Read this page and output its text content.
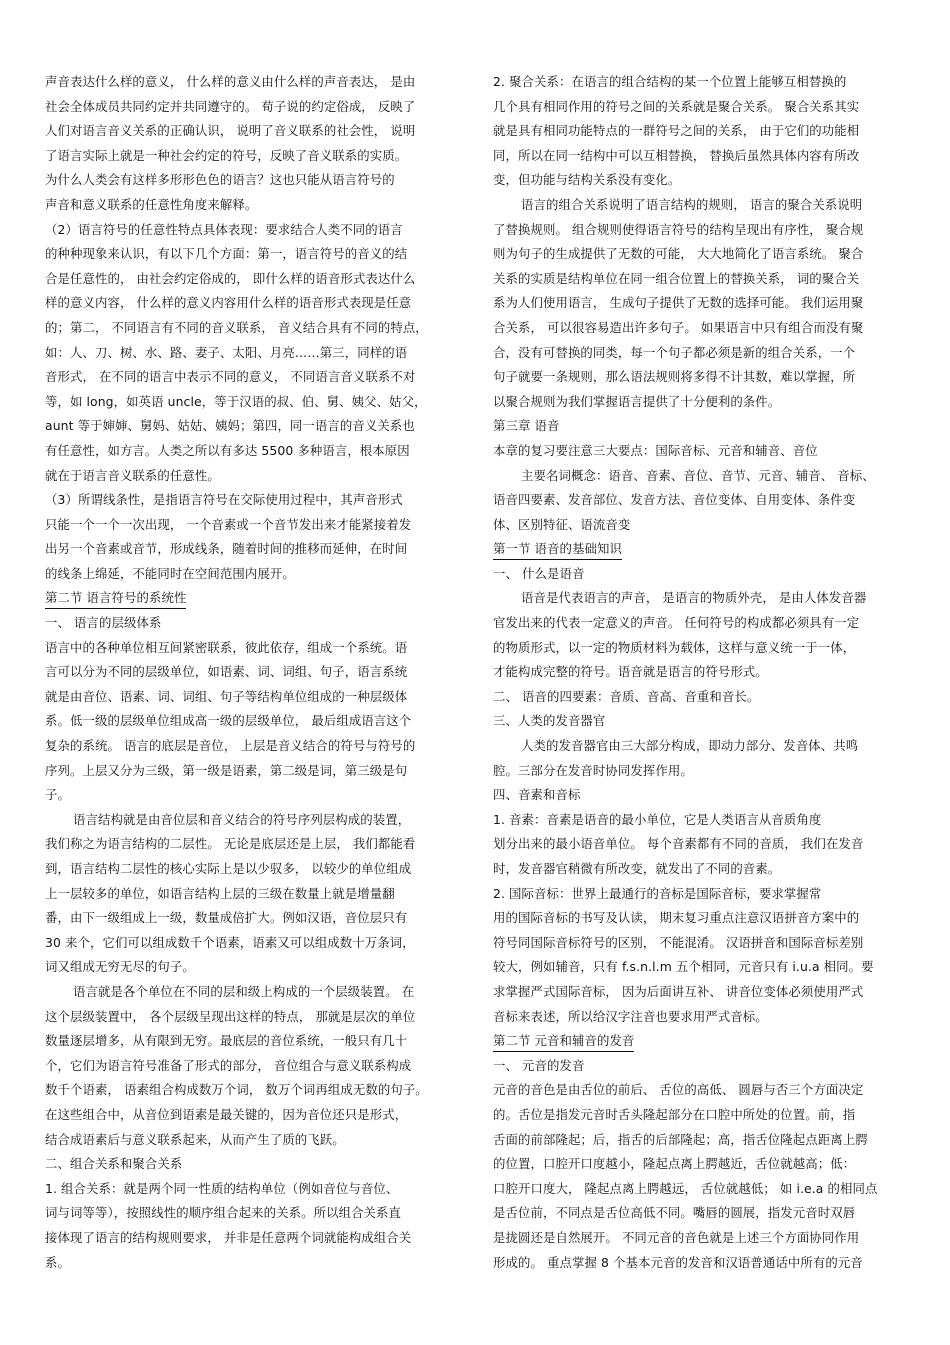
声音表达什么样的意义， 什么样的意义由什么样的声音表达， 是由
社会全体成员共同约定并共同遵守的。 荀子说的约定俗成， 反映了
人们对语言音义关系的正确认识， 说明了音义联系的社会性， 说明
了语言实际上就是一种社会约定的符号，反映了音义联系的实质。
为什么人类会有这样多形形色色的语言？这也只能从语言符号的
声音和意义联系的任意性角度来解释。
（2）语言符号的任意性特点具体表现：要求结合人类不同的语言
的种种现象来认识，有以下几个方面：第一，语言符号的音义的结
合是任意性的， 由社会约定俗成的， 即什么样的语音形式表达什么
样的意义内容， 什么样的意义内容用什么样的语音形式表现是任意
的；第二， 不同语言有不同的音义联系， 音义结合具有不同的特点，
如：人、刀、树、水、路、妻子、太阳、月亮……第三，同样的语
音形式， 在不同的语言中表示不同的意义， 不同语言音义联系不对
等，如 long，如英语 uncle，等于汉语的叔、伯、舅、姨父、姑父，
aunt 等于婶婶、舅妈、姑姑、姨妈；第四，同一语言的音义关系也
有任意性，如方言。人类之所以有多达 5500 多种语言，根本原因
就在于语言音义联系的任意性。
（3）所谓线条性，是指语言符号在交际使用过程中，其声音形式
只能一个一个一次出现， 一个音素或一个音节发出来才能紧接着发
出另一个音素或音节，形成线条，随着时间的推移而延伸，在时间
的线条上绵延，不能同时在空间范围内展开。
第二节 语言符号的系统性
一、 语言的层级体系
语言中的各种单位相互间紧密联系，彼此依存，组成一个系统。语
言可以分为不同的层级单位，如语素、词、词组、句子，语言系统
就是由音位、语素、词、词组、句子等结构单位组成的一种层级体
系。低一级的层级单位组成高一级的层级单位， 最后组成语言这个
复杂的系统。 语言的底层是音位， 上层是音义结合的符号与符号的
序列。上层又分为三级，第一级是语素，第二级是词，第三级是句
子。
语言结构就是由音位层和音义结合的符号序列层构成的装置，
我们称之为语言结构的二层性。 无论是底层还是上层， 我们都能看
到，语言结构二层性的核心实际上是以少驭多， 以较少的单位组成
上一层较多的单位，如语言结构上层的三级在数量上就是增量翻
番，由下一级组成上一级，数量成倍扩大。例如汉语，音位层只有
30 来个，它们可以组成数千个语素，语素又可以组成数十万条词，
词又组成无穷无尽的句子。
语言就是各个单位在不同的层和级上构成的一个层级装置。 在
这个层级装置中， 各个层级呈现出这样的特点， 那就是层次的单位
数量逐层增多，从有限到无穷。最底层的音位系统，一般只有几十
个，它们为语言符号准备了形式的部分， 音位组合与意义联系构成
数千个语素， 语素组合构成数万个词， 数万个词再组成无数的句子。
在这些组合中，从音位到语素是最关键的，因为音位还只是形式，
结合成语素后与意义联系起来，从而产生了质的飞跃。
二、组合关系和聚合关系
1. 组合关系：就是两个同一性质的结构单位（例如音位与音位、
词与词等等），按照线性的顺序组合起来的关系。所以组合关系直
接体现了语言的结构规则要求， 并非是任意两个词就能构成组合关
系。
2. 聚合关系：在语言的组合结构的某一个位置上能够互相替换的
几个具有相同作用的符号之间的关系就是聚合关系。 聚合关系其实
就是具有相同功能特点的一群符号之间的关系， 由于它们的功能相
同，所以在同一结构中可以互相替换， 替换后虽然具体内容有所改
变，但功能与结构关系没有变化。
语言的组合关系说明了语言结构的规则， 语言的聚合关系说明
了替换规则。 组合规则使得语言符号的结构呈现出有序性， 聚合规
则为句子的生成提供了无数的可能， 大大地简化了语言系统。 聚合
关系的实质是结构单位在同一组合位置上的替换关系， 词的聚合关
系为人们使用语言， 生成句子提供了无数的选择可能。 我们运用聚
合关系， 可以很容易造出许多句子。 如果语言中只有组合而没有聚
合，没有可替换的同类，每一个句子都必须是新的组合关系，一个
句子就要一条规则，那么语法规则将多得不计其数，难以掌握，所
以聚合规则为我们掌握语言提供了十分便利的条件。
第三章 语音
本章的复习要注意三大要点：国际音标、元音和辅音、音位
主要名词概念：语音、音素、音位、音节、元音、辅音、 音标、
语音四要素、发音部位、发音方法、音位变体、自用变体、条件变
体、区别特征、语流音变
第一节 语音的基础知识
一、 什么是语音
语音是代表语言的声音， 是语言的物质外壳， 是由人体发音器
官发出来的代表一定意义的声音。 任何符号的构成都必须具有一定
的物质形式，以一定的物质材料为载体，这样与意义统一于一体，
才能构成完整的符号。语音就是语言的符号形式。
二、 语音的四要素：音质、音高、音重和音长。
三、人类的发音器官
人类的发音器官由三大部分构成，即动力部分、发音体、共鸣
腔。三部分在发音时协同发挥作用。
四、音素和音标
1. 音素：音素是语音的最小单位，它是人类语言从音质角度
划分出来的最小语音单位。 每个音素都有不同的音质， 我们在发音
时，发音器官稍微有所改变，就发出了不同的音素。
2. 国际音标：世界上最通行的音标是国际音标，要求掌握常
用的国际音标的书写及认读， 期末复习重点注意汉语拼音方案中的
符号同国际音标符号的区别， 不能混淆。 汉语拼音和国际音标差别
较大，例如辅音，只有 f.s.n.l.m 五个相同，元音只有 i.u.a 相同。要
求掌握严式国际音标， 因为后面讲互补、 讲音位变体必须使用严式
音标来表述，所以给汉字注音也要求用严式音标。
第二节 元音和辅音的发音
一、 元音的发音
元音的音色是由舌位的前后、 舌位的高低、 圆唇与否三个方面决定
的。舌位是指发元音时舌头隆起部分在口腔中所处的位置。前，指
舌面的前部隆起；后，指舌的后部隆起；高，指舌位隆起点距离上腭
的位置，口腔开口度越小，隆起点离上腭越近，舌位就越高；低：
口腔开口度大， 隆起点离上腭越远， 舌位就越低； 如 i.e.a 的相同点
是舌位前，不同点是舌位高低不同。嘴唇的圆展，指发元音时双唇
是拢圆还是自然展开。 不同元音的音色就是上述三个方面协同作用
形成的。 重点掌握 8 个基本元音的发音和汉语普通话中所有的元音
